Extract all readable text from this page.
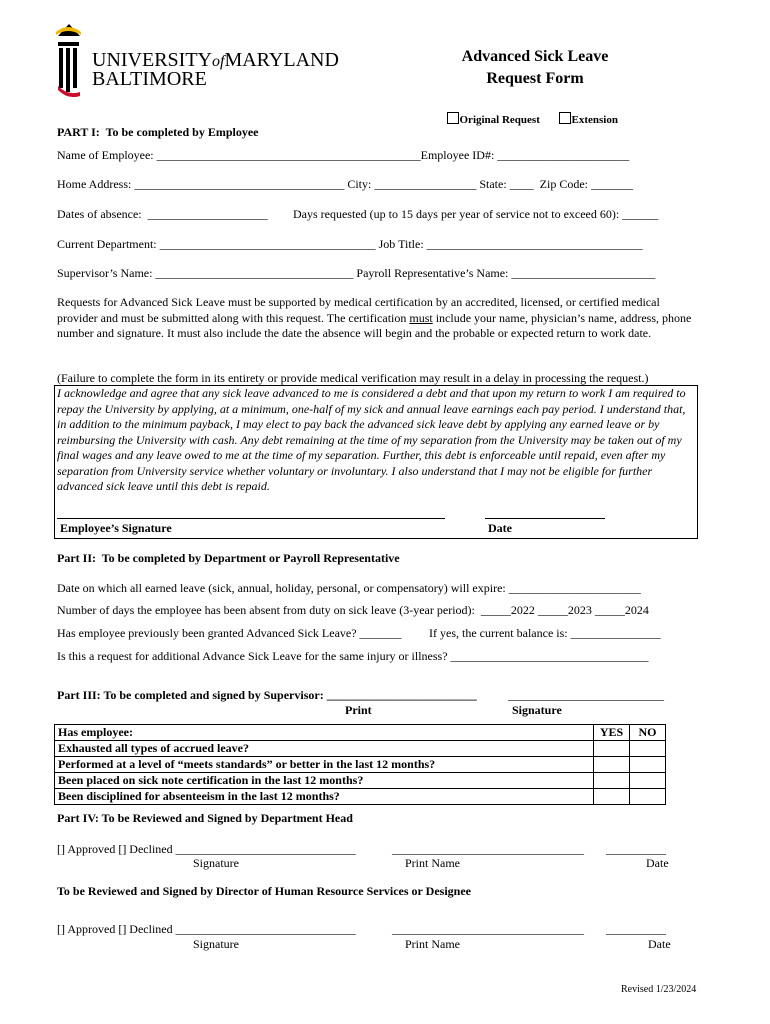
UNIVERSITYofMARYLAND
BALTIMORE
Advanced Sick Leave
Request Form

Original Request	Extension

PART I:  To be completed by Employee
Name of Employee: ____________________________________________Employee ID#: ______________________
Home Address: ___________________________________ City: _________________ State: ____  Zip Code: _______
Dates of absence:  ____________________ Days requested (up to 15 days per year of service not to exceed 60): ______
Current Department: ____________________________________ Job Title: ____________________________________
Supervisor’s Name: _________________________________ Payroll Representative’s Name: ________________________
Requests for Advanced Sick Leave must be supported by medical certification by an accredited, licensed, or certified medical provider and must be submitted along with this request. The certification must include your name, physician’s name, address, phone number and signature. It must also include the date the absence will begin and the probable or expected return to work date.
(Failure to complete the form in its entirety or provide medical verification may result in a delay in processing the request.)
I acknowledge and agree that any sick leave advanced to me is considered a debt and that upon my return to work I am required to repay the University by applying, at a minimum, one-half of my sick and annual leave earnings each pay period. I understand that, in addition to the minimum payback, I may elect to pay back the advanced sick leave debt by applying any earned leave or by reimbursing the University with cash. Any debt remaining at the time of my separation from the University may be taken out of my final wages and any leave owed to me at the time of my separation. Further, this debt is enforceable until repaid, even after my separation from University service whether voluntary or involuntary. I also understand that I may not be eligible for further advanced sick leave until this debt is repaid.
Employee’s Signature	Date
Part II:  To be completed by Department or Payroll Representative
Date on which all earned leave (sick, annual, holiday, personal, or compensatory) will expire: ______________________
Number of days the employee has been absent from duty on sick leave (3-year period):  _____2022 _____2023 _____2024
Has employee previously been granted Advanced Sick Leave? _______ If yes, the current balance is: _______________
Is this a request for additional Advance Sick Leave for the same injury or illness? _________________________________
Part III: To be completed and signed by Supervisor: _________________________	__________________________
Print	Signature
Has employee:	YES	NO
Exhausted all types of accrued leave?		
Performed at a level of “meets standards” or better in the last 12 months?		
Been placed on sick note certification in the last 12 months?		
Been disciplined for absenteeism in the last 12 months?		
Part IV: To be Reviewed and Signed by Department Head
[] Approved [] Declined ______________________________	________________________________ __________
Signature	Print Name	Date
To be Reviewed and Signed by Director of Human Resource Services or Designee
[] Approved [] Declined ______________________________	________________________________ __________
Signature	Print Name	Date
Revised 1/23/2024
